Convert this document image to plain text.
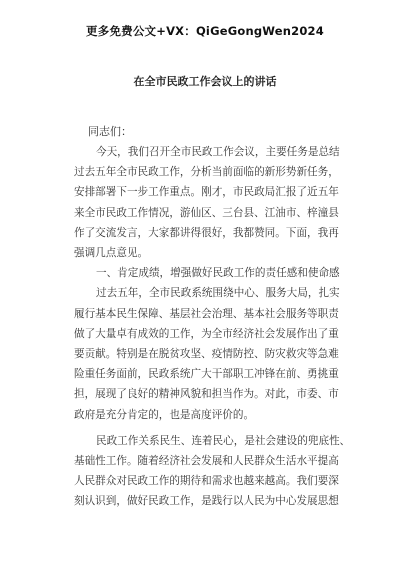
更多免费公文+VX：QiGeGongWen2024
在全市民政工作会议上的讲话
同志们：
今天，我们召开全市民政工作会议，主要任务是总结
过去五年全市民政工作，分析当前面临的新形势新任务，
安排部署下一步工作重点。刚才，市民政局汇报了近五年
来全市民政工作情况，游仙区、三台县、江油市、梓潼县
作了交流发言，大家都讲得很好，我都赞同。下面，我再
强调几点意见。
一、肯定成绩，增强做好民政工作的责任感和使命感
过去五年，全市民政系统围绕中心、服务大局，扎实
履行基本民生保障、基层社会治理、基本社会服务等职责
做了大量卓有成效的工作，为全市经济社会发展作出了重
要贡献。特别是在脱贫攻坚、疫情防控、防灾救灾等急难
险重任务面前，民政系统广大干部职工冲锋在前、勇挑重
担，展现了良好的精神风貌和担当作为。对此，市委、市
政府是充分肯定的，也是高度评价的。
民政工作关系民生、连着民心，是社会建设的兜底性、
基础性工作。随着经济社会发展和人民群众生活水平提高
人民群众对民政工作的期待和需求也越来越高。我们要深
刻认识到，做好民政工作，是践行以人民为中心发展思想
